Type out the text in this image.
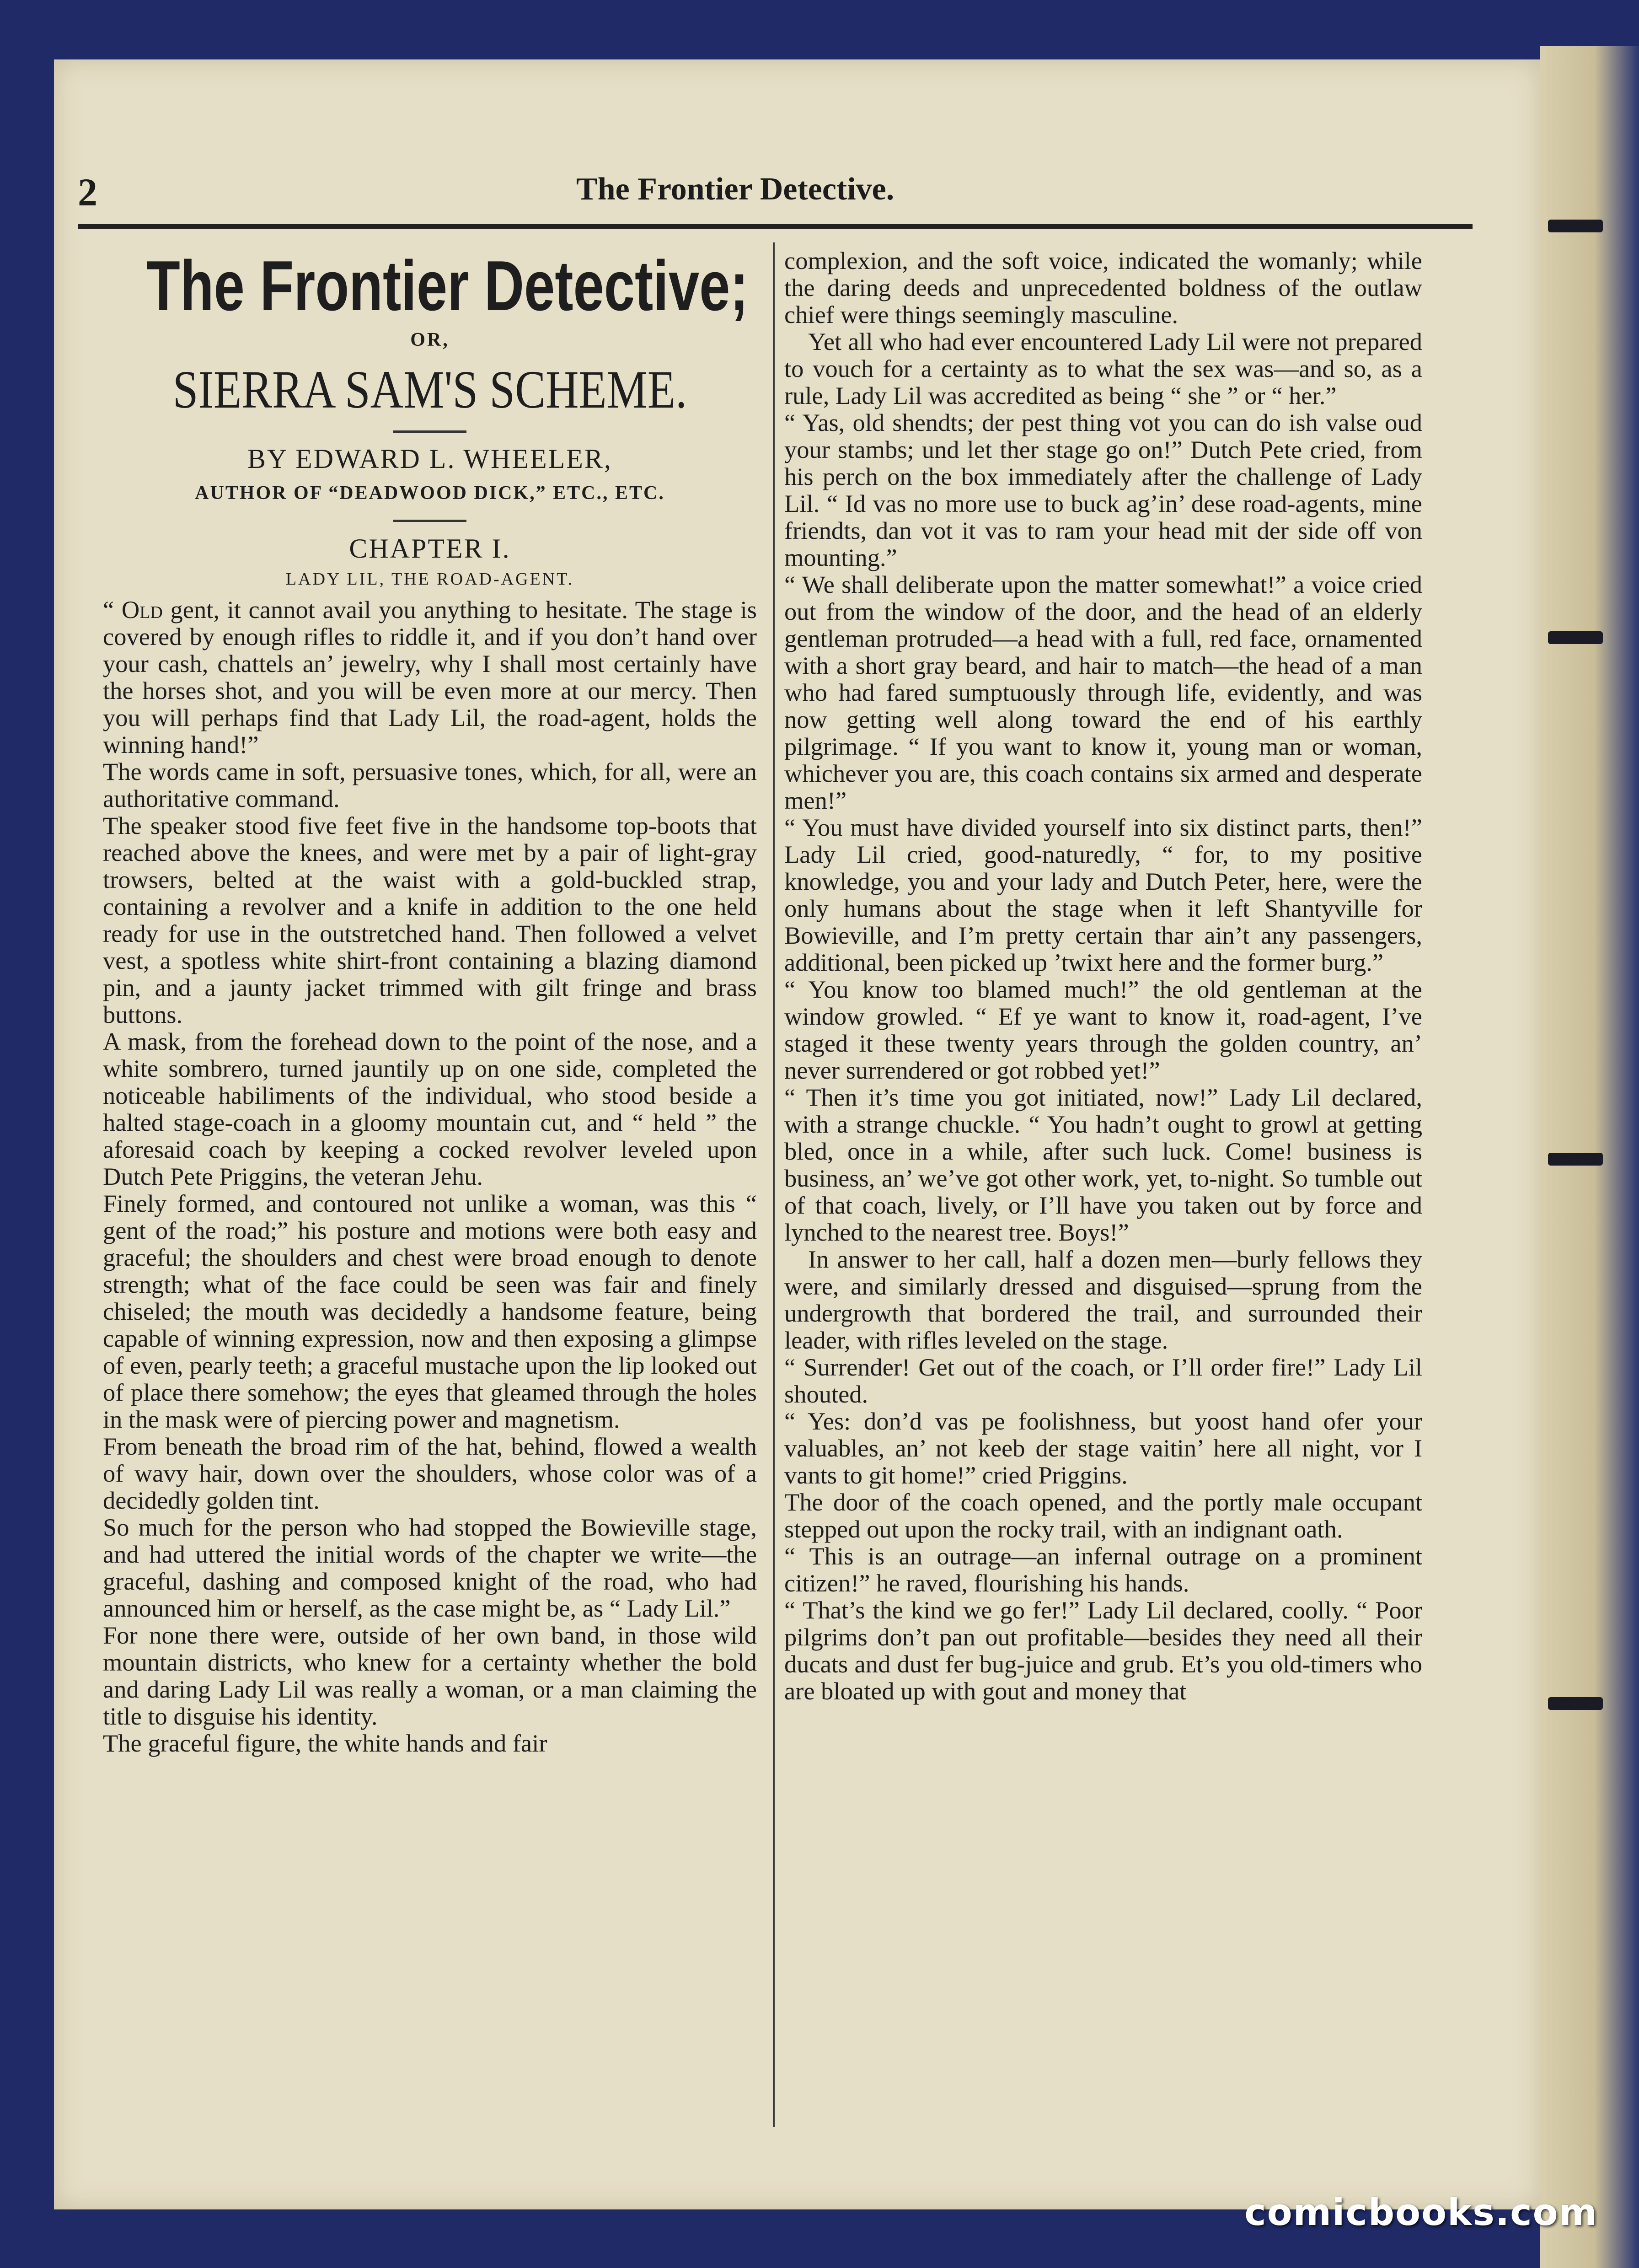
2	The Frontier Detective.
The Frontier Detective;
OR,
SIERRA SAM'S SCHEME.
BY EDWARD L. WHEELER,
AUTHOR OF “DEADWOOD DICK,” ETC., ETC.
CHAPTER I.
LADY LIL, THE ROAD-AGENT.

“ Old gent, it cannot avail you anything to hesitate. The stage is covered by enough rifles to riddle it, and if you don’t hand over your cash, chattels an’ jewelry, why I shall most certainly have the horses shot, and you will be even more at our mercy. Then you will perhaps find that Lady Lil, the road-agent, holds the winning hand!”

The words came in soft, persuasive tones, which, for all, were an authoritative command.

The speaker stood five feet five in the handsome top-boots that reached above the knees, and were met by a pair of light-gray trowsers, belted at the waist with a gold-buckled strap, containing a revolver and a knife in addition to the one held ready for use in the outstretched hand. Then followed a velvet vest, a spotless white shirt-front containing a blazing diamond pin, and a jaunty jacket trimmed with gilt fringe and brass buttons.

A mask, from the forehead down to the point of the nose, and a white sombrero, turned jauntily up on one side, completed the noticeable habiliments of the individual, who stood beside a halted stage-coach in a gloomy mountain cut, and “ held ” the aforesaid coach by keeping a cocked revolver leveled upon Dutch Pete Priggins, the veteran Jehu.

Finely formed, and contoured not unlike a woman, was this “ gent of the road;” his posture and motions were both easy and graceful; the shoulders and chest were broad enough to denote strength; what of the face could be seen was fair and finely chiseled; the mouth was decidedly a handsome feature, being capable of winning expression, now and then exposing a glimpse of even, pearly teeth; a graceful mustache upon the lip looked out of place there somehow; the eyes that gleamed through the holes in the mask were of piercing power and magnetism.

From beneath the broad rim of the hat, behind, flowed a wealth of wavy hair, down over the shoulders, whose color was of a decidedly golden tint.

So much for the person who had stopped the Bowieville stage, and had uttered the initial words of the chapter we write—the graceful, dashing and composed knight of the road, who had announced him or herself, as the case might be, as “ Lady Lil.”

For none there were, outside of her own band, in those wild mountain districts, who knew for a certainty whether the bold and daring Lady Lil was really a woman, or a man claiming the title to disguise his identity.

The graceful figure, the white hands and fair

complexion, and the soft voice, indicated the womanly; while the daring deeds and unprecedented boldness of the outlaw chief were things seemingly masculine.

Yet all who had ever encountered Lady Lil were not prepared to vouch for a certainty as to what the sex was—and so, as a rule, Lady Lil was accredited as being “ she ” or “ her.”

“ Yas, old shendts; der pest thing vot you can do ish valse oud your stambs; und let ther stage go on!” Dutch Pete cried, from his perch on the box immediately after the challenge of Lady Lil. “ Id vas no more use to buck ag’in’ dese road-agents, mine friendts, dan vot it vas to ram your head mit der side off von mounting.”

“ We shall deliberate upon the matter somewhat!” a voice cried out from the window of the door, and the head of an elderly gentleman protruded—a head with a full, red face, ornamented with a short gray beard, and hair to match—the head of a man who had fared sumptuously through life, evidently, and was now getting well along toward the end of his earthly pilgrimage. “ If you want to know it, young man or woman, whichever you are, this coach contains six armed and desperate men!”

“ You must have divided yourself into six distinct parts, then!” Lady Lil cried, good-naturedly, “ for, to my positive knowledge, you and your lady and Dutch Peter, here, were the only humans about the stage when it left Shantyville for Bowieville, and I’m pretty certain thar ain’t any passengers, additional, been picked up ’twixt here and the former burg.”

“ You know too blamed much!” the old gentleman at the window growled. “ Ef ye want to know it, road-agent, I’ve staged it these twenty years through the golden country, an’ never surrendered or got robbed yet!”

“ Then it’s time you got initiated, now!” Lady Lil declared, with a strange chuckle. “ You hadn’t ought to growl at getting bled, once in a while, after such luck. Come! business is business, an’ we’ve got other work, yet, to-night. So tumble out of that coach, lively, or I’ll have you taken out by force and lynched to the nearest tree. Boys!”

In answer to her call, half a dozen men—burly fellows they were, and similarly dressed and disguised—sprung from the undergrowth that bordered the trail, and surrounded their leader, with rifles leveled on the stage.

“ Surrender! Get out of the coach, or I’ll order fire!” Lady Lil shouted.

“ Yes: don’d vas pe foolishness, but yoost hand ofer your valuables, an’ not keeb der stage vaitin’ here all night, vor I vants to git home!” cried Priggins.

The door of the coach opened, and the portly male occupant stepped out upon the rocky trail, with an indignant oath.

“ This is an outrage—an infernal outrage on a prominent citizen!” he raved, flourishing his hands.

“ That’s the kind we go fer!” Lady Lil declared, coolly. “ Poor pilgrims don’t pan out profitable—besides they need all their ducats and dust fer bug-juice and grub. Et’s you old-timers who are bloated up with gout and money that

comicbooks.com
